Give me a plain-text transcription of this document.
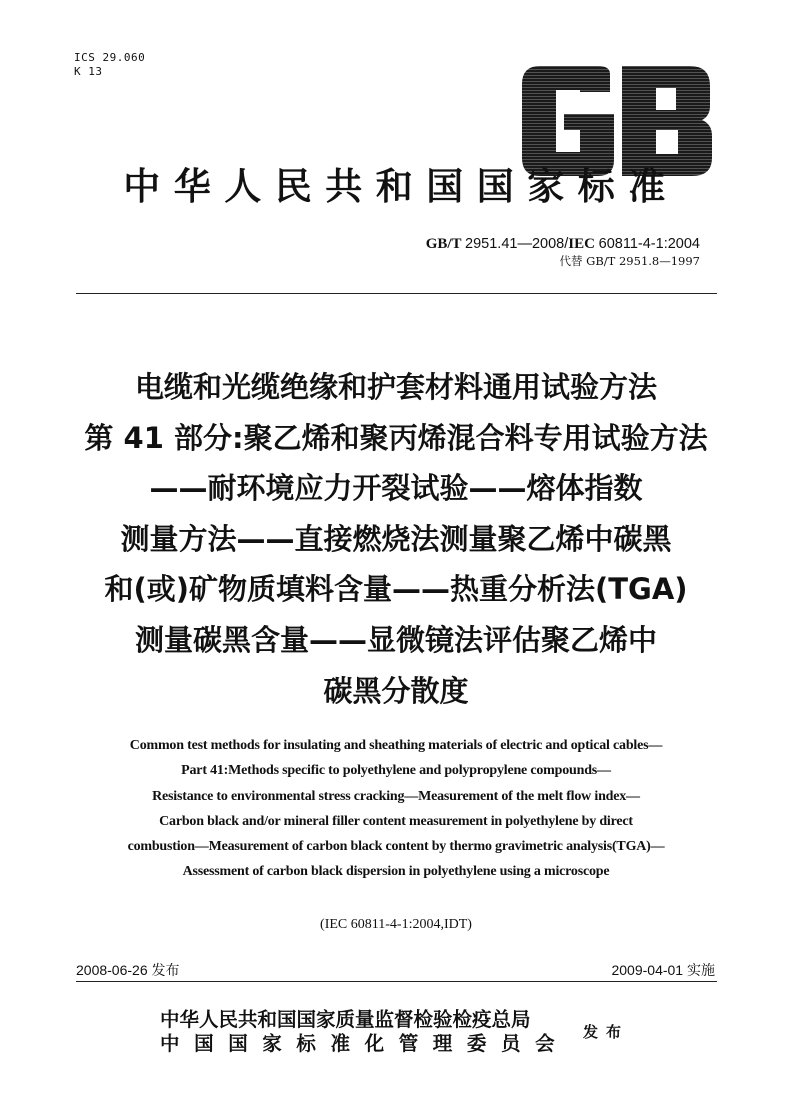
ICS 29.060
K 13
中华人民共和国国家标准
GB/T 2951.41—2008/IEC 60811-4-1:2004
代替 GB/T 2951.8—1997
电缆和光缆绝缘和护套材料通用试验方法
第 41 部分:聚乙烯和聚丙烯混合料专用试验方法
——耐环境应力开裂试验——熔体指数
测量方法——直接燃烧法测量聚乙烯中碳黑
和(或)矿物质填料含量——热重分析法(TGA)
测量碳黑含量——显微镜法评估聚乙烯中
碳黑分散度
Common test methods for insulating and sheathing materials of electric and optical cables—
Part 41:Methods specific to polyethylene and polypropylene compounds—
Resistance to environmental stress cracking—Measurement of the melt flow index—
Carbon black and/or mineral filler content measurement in polyethylene by direct
combustion—Measurement of carbon black content by thermo gravimetric analysis(TGA)—
Assessment of carbon black dispersion in polyethylene using a microscope
(IEC 60811-4-1:2004,IDT)
2008-06-26 发布	2009-04-01 实施
中华人民共和国国家质量监督检验检疫总局
中国国家标准化管理委员会 发布
